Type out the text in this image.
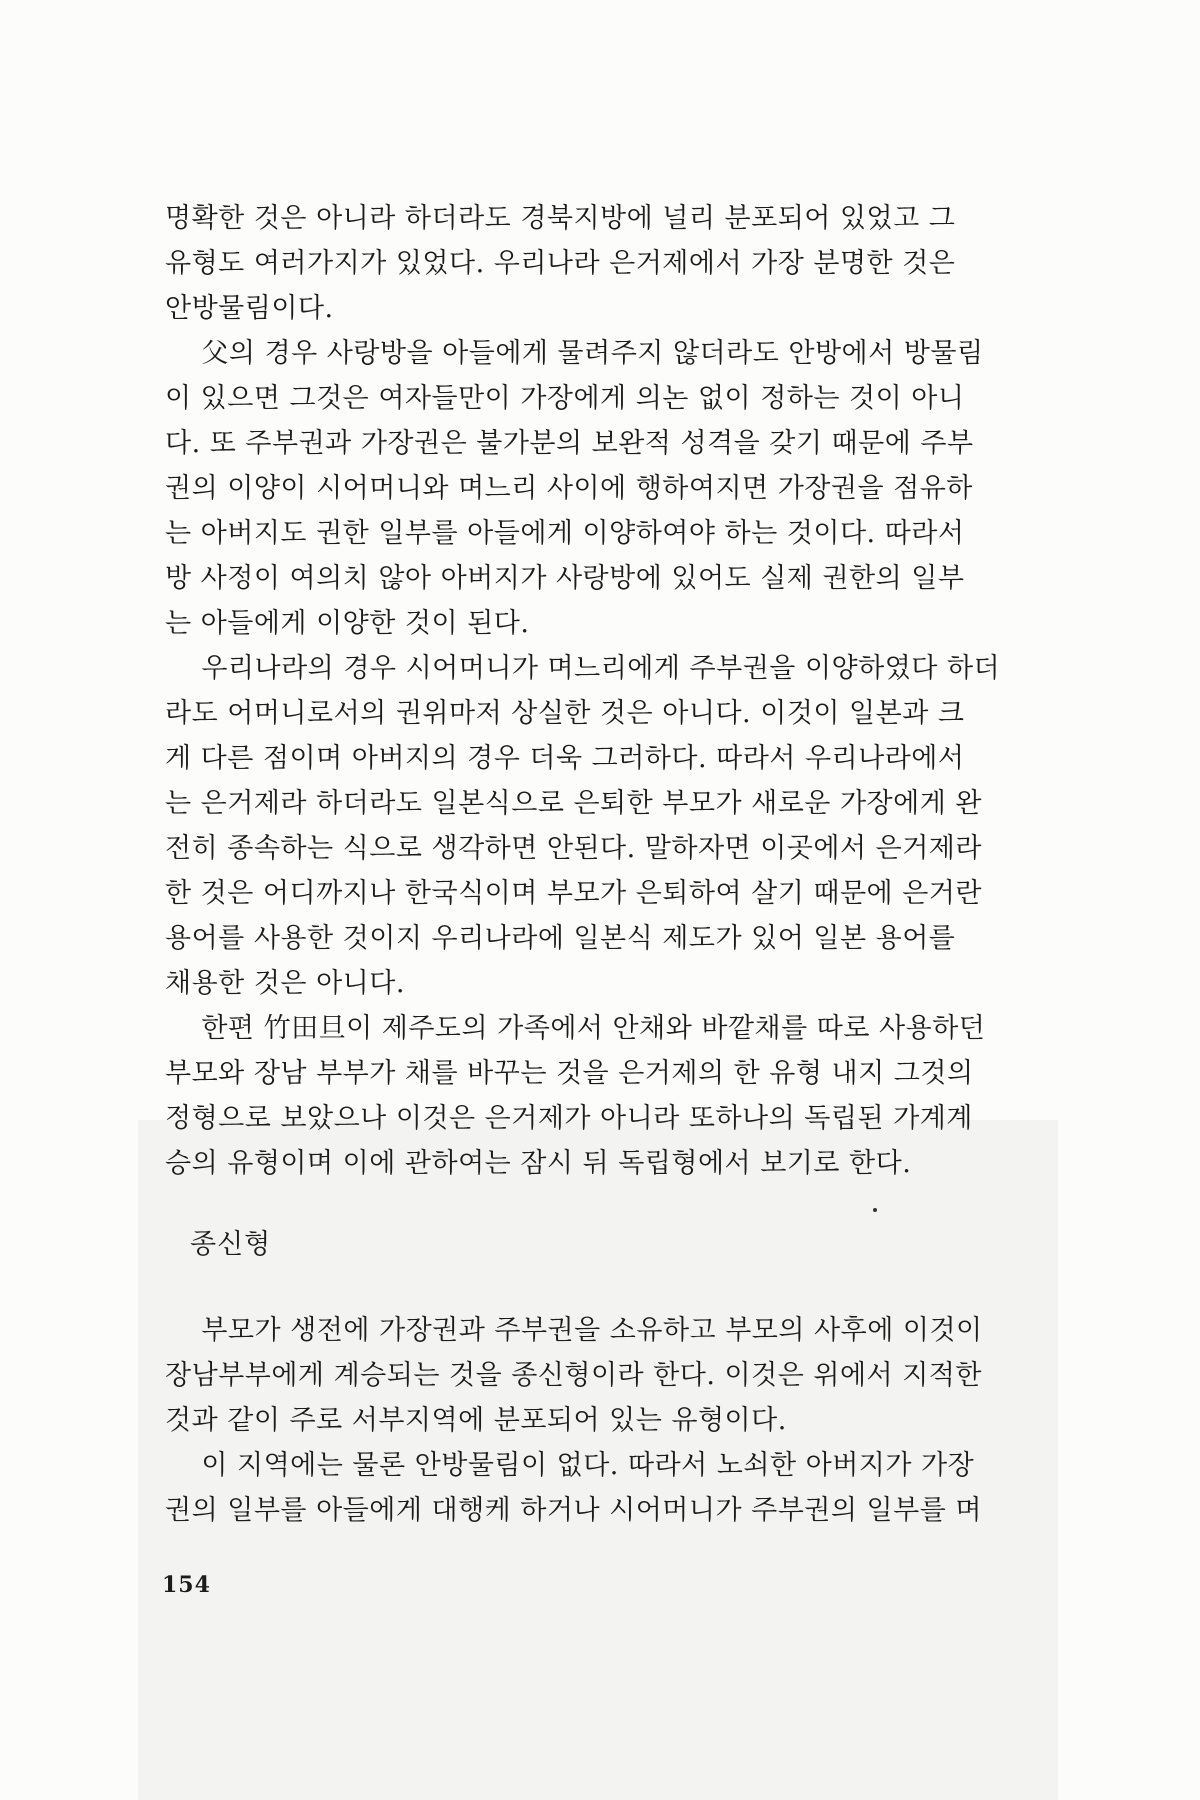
명확한 것은 아니라 하더라도 경북지방에 널리 분포되어 있었고 그
유형도 여러가지가 있었다. 우리나라 은거제에서 가장 분명한 것은
안방물림이다.
父의 경우 사랑방을 아들에게 물려주지 않더라도 안방에서 방물림
이 있으면 그것은 여자들만이 가장에게 의논 없이 정하는 것이 아니
다. 또 주부권과 가장권은 불가분의 보완적 성격을 갖기 때문에 주부
권의 이양이 시어머니와 며느리 사이에 행하여지면 가장권을 점유하
는 아버지도 권한 일부를 아들에게 이양하여야 하는 것이다. 따라서
방 사정이 여의치 않아 아버지가 사랑방에 있어도 실제 권한의 일부
는 아들에게 이양한 것이 된다.
우리나라의 경우 시어머니가 며느리에게 주부권을 이양하였다 하더
라도 어머니로서의 권위마저 상실한 것은 아니다. 이것이 일본과 크
게 다른 점이며 아버지의 경우 더욱 그러하다. 따라서 우리나라에서
는 은거제라 하더라도 일본식으로 은퇴한 부모가 새로운 가장에게 완
전히 종속하는 식으로 생각하면 안된다. 말하자면 이곳에서 은거제라
한 것은 어디까지나 한국식이며 부모가 은퇴하여 살기 때문에 은거란
용어를 사용한 것이지 우리나라에 일본식 제도가 있어 일본 용어를
채용한 것은 아니다.
한편 竹田旦이 제주도의 가족에서 안채와 바깥채를 따로 사용하던
부모와 장남 부부가 채를 바꾸는 것을 은거제의 한 유형 내지 그것의
정형으로 보았으나 이것은 은거제가 아니라 또하나의 독립된 가계계
승의 유형이며 이에 관하여는 잠시 뒤 독립형에서 보기로 한다.
종신형
부모가 생전에 가장권과 주부권을 소유하고 부모의 사후에 이것이
장남부부에게 계승되는 것을 종신형이라 한다. 이것은 위에서 지적한
것과 같이 주로 서부지역에 분포되어 있는 유형이다.
이 지역에는 물론 안방물림이 없다. 따라서 노쇠한 아버지가 가장
권의 일부를 아들에게 대행케 하거나 시어머니가 주부권의 일부를 며
154
